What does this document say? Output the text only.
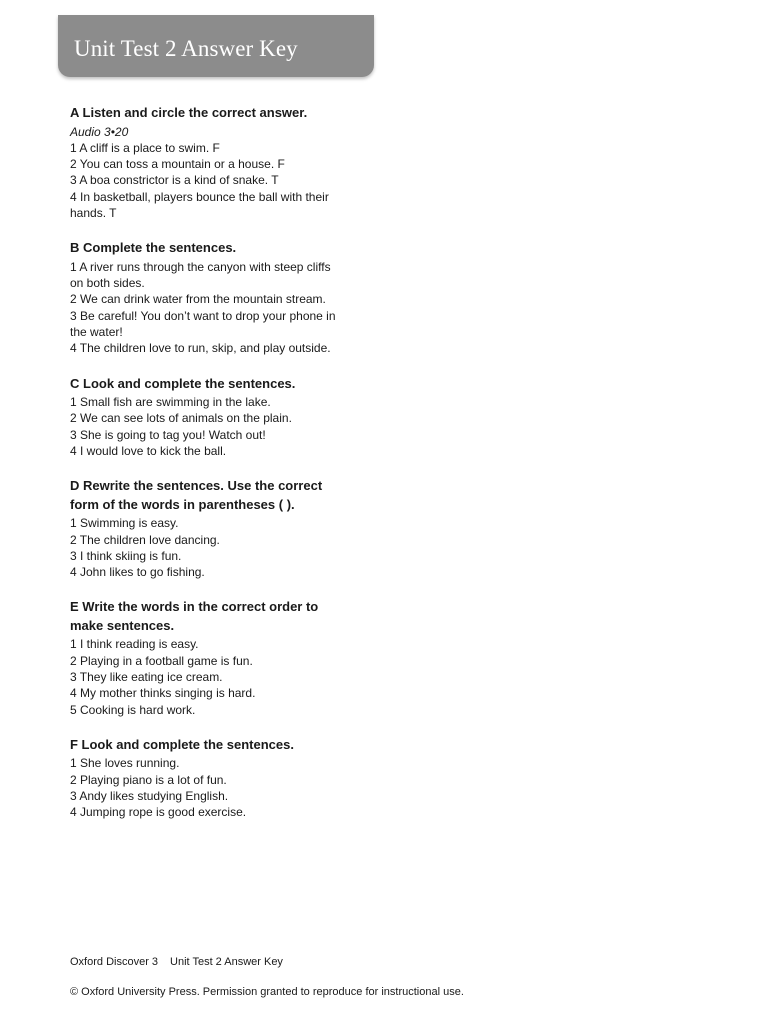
Unit Test 2 Answer Key
A Listen and circle the correct answer.
Audio 3•20

1 A cliff is a place to swim. F

2 You can toss a mountain or a house. F

3 A boa constrictor is a kind of snake. T

4 In basketball, players bounce the ball with their hands. T

B Complete the sentences.

1 A river runs through the canyon with steep cliffs on both sides.

2 We can drink water from the mountain stream.

3 Be careful! You don’t want to drop your phone in the water!

4 The children love to run, skip, and play outside.

C Look and complete the sentences.

1 Small fish are swimming in the lake.

2 We can see lots of animals on the plain.

3 She is going to tag you! Watch out!

4 I would love to kick the ball.

D Rewrite the sentences. Use the correct form of the words in parentheses ( ).

1 Swimming is easy.

2 The children love dancing.

3 I think skiing is fun.

4 John likes to go fishing.

E Write the words in the correct order to make sentences.

1 I think reading is easy.

2 Playing in a football game is fun.

3 They like eating ice cream.

4 My mother thinks singing is hard.

5 Cooking is hard work.

F Look and complete the sentences.

1 She loves running.

2 Playing piano is a lot of fun.

3 Andy likes studying English.

4 Jumping rope is good exercise.

Oxford Discover 3 Unit Test 2 Answer Key
© Oxford University Press. Permission granted to reproduce for instructional use.
